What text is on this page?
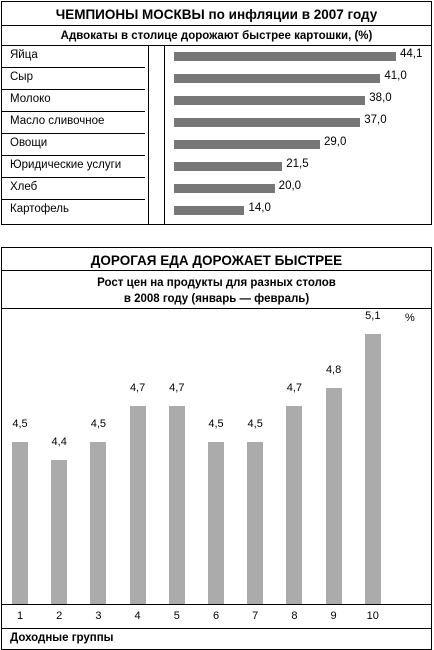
ЧЕМПИОНЫ МОСКВЫ по инфляции в 2007 году
Адвокаты в столице дорожают быстрее картошки, (%)
Яйца	44,1
Сыр	41,0
Молоко	38,0
Масло сливочное	37,0
Овощи	29,0
Юридические услуги	21,5
Хлеб	20,0
Картофель	14,0
ДОРОГАЯ ЕДА ДОРОЖАЕТ БЫСТРЕЕ
Рост цен на продукты для разных столов
в 2008 году (январь — февраль)
%
4,5
1
4,4
2
4,5
3
4,7
4
4,7
5
4,5
6
4,5
7
4,7
8
4,8
9
5,1
10
Доходные группы
